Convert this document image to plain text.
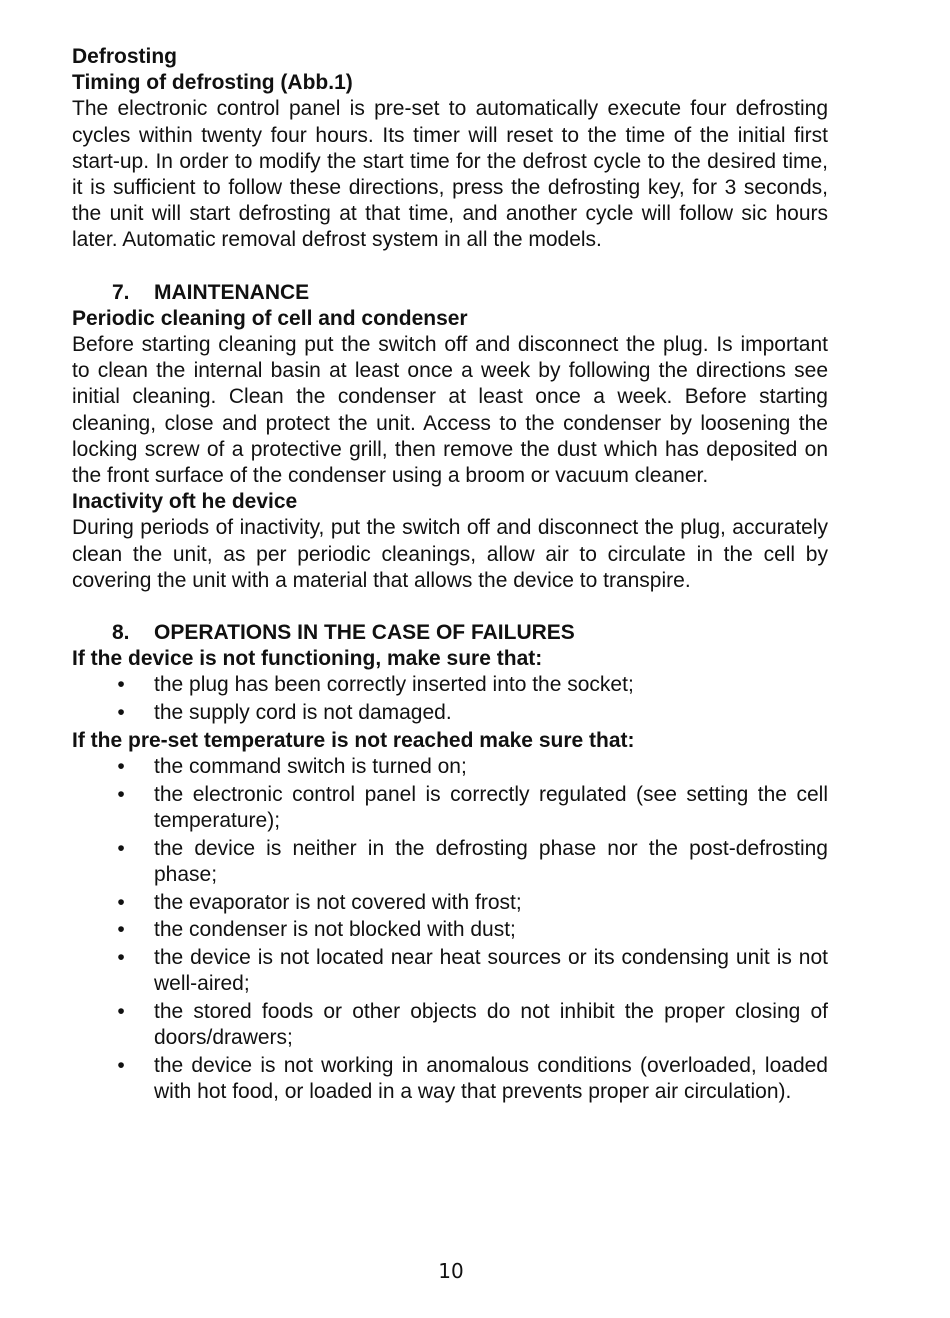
Defrosting

Timing of defrosting (Abb.1)

The electronic control panel is pre-set to automatically execute four defrosting cycles within twenty four hours. Its timer will reset to the time of the initial first start-up. In order to modify the start time for the defrost cycle to the desired time, it is sufficient to follow these directions, press the defrosting key, for 3 seconds, the unit will start defrosting at that time, and another cycle will follow sic hours later. Automatic removal defrost system in all the models.

7.	MAINTENANCE

Periodic cleaning of cell and condenser

Before starting cleaning put the switch off and disconnect the plug. Is important to clean the internal basin at least once a week by following the directions see initial cleaning. Clean the condenser at least once a week. Before starting cleaning, close and protect the unit. Access to the condenser by loosening the locking screw of a protective grill, then remove the dust which has deposited on the front surface of the condenser using a broom or vacuum cleaner.

Inactivity oft he device

During periods of inactivity, put the switch off and disconnect the plug, accurately clean the unit, as per periodic cleanings, allow air to circulate in the cell by covering the unit with a material that allows the device to transpire.

8.	OPERATIONS IN THE CASE OF FAILURES

If the device is not functioning, make sure that:

• the plug has been correctly inserted into the socket;
• the supply cord is not damaged.

If the pre-set temperature is not reached make sure that:

• the command switch is turned on;
• the electronic control panel is correctly regulated (see setting the cell temperature);
• the device is neither in the defrosting phase nor the post-defrosting phase;
• the evaporator is not covered with frost;
• the condenser is not blocked with dust;
• the device is not located near heat sources or its condensing unit is not well-aired;
• the stored foods or other objects do not inhibit the proper closing of doors/drawers;
• the device is not working in anomalous conditions (overloaded, loaded with hot food, or loaded in a way that prevents proper air circulation).
10
